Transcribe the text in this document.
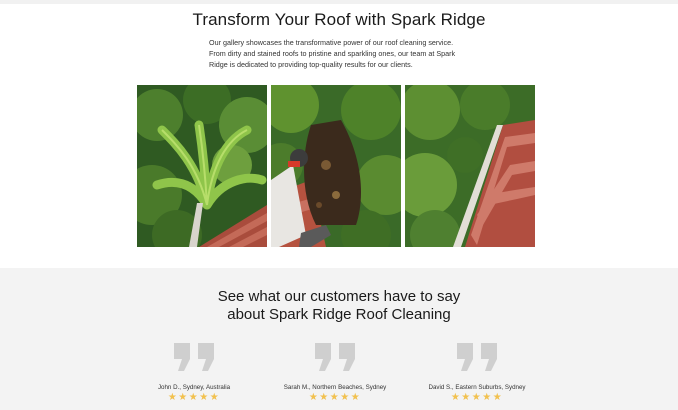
Transform Your Roof with Spark Ridge

Our gallery showcases the transformative power of our roof cleaning service. From dirty and stained roofs to pristine and sparkling ones, our team at Spark Ridge is dedicated to providing top-quality results for our clients.

See what our customers have to say
about Spark Ridge Roof Cleaning
John D., Sydney, Australia
★★★★★
Sarah M., Northern Beaches, Sydney
★★★★★
David S., Eastern Suburbs, Sydney
★★★★★
